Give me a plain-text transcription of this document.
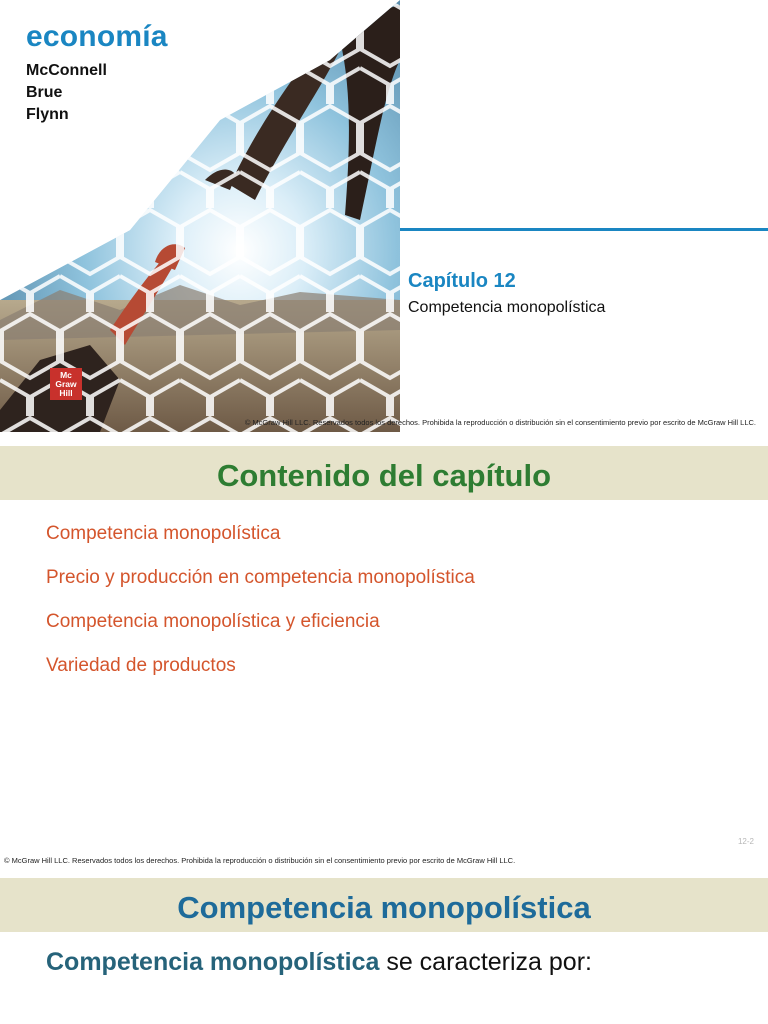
economía
McConnell
Brue
Flynn
Mc
Graw
Hill
Capítulo 12
Competencia monopolística
© McGraw Hill LLC. Reservados todos los derechos. Prohibida la reproducción o distribución sin el consentimiento previo por escrito de McGraw Hill LLC.
Contenido del capítulo
Competencia monopolística
Precio y producción en competencia monopolística
Competencia monopolística y eficiencia
Variedad de productos
12-2
© McGraw Hill LLC. Reservados todos los derechos. Prohibida la reproducción o distribución sin el consentimiento previo por escrito de McGraw Hill LLC.
Competencia monopolística
Competencia monopolística se caracteriza por:
